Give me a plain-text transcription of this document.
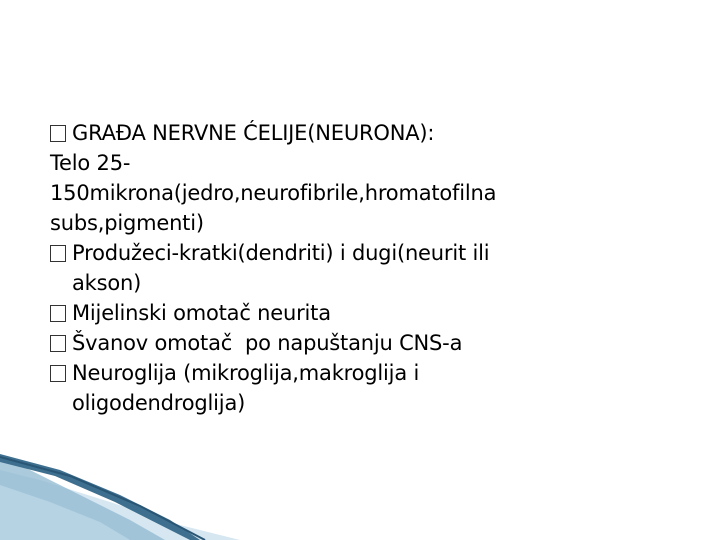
GRAĐA NERVNE ĆELIJE(NEURONA):
Telo 25-
150mikrona(jedro,neurofibrile,hromatofilna
subs,pigmenti)
Produžeci-kratki(dendriti) i dugi(neurit ili
akson)
Mijelinski omotač neurita
Švanov omotač  po napuštanju CNS-a
Neuroglija (mikroglija,makroglija i
oligodendroglija)
